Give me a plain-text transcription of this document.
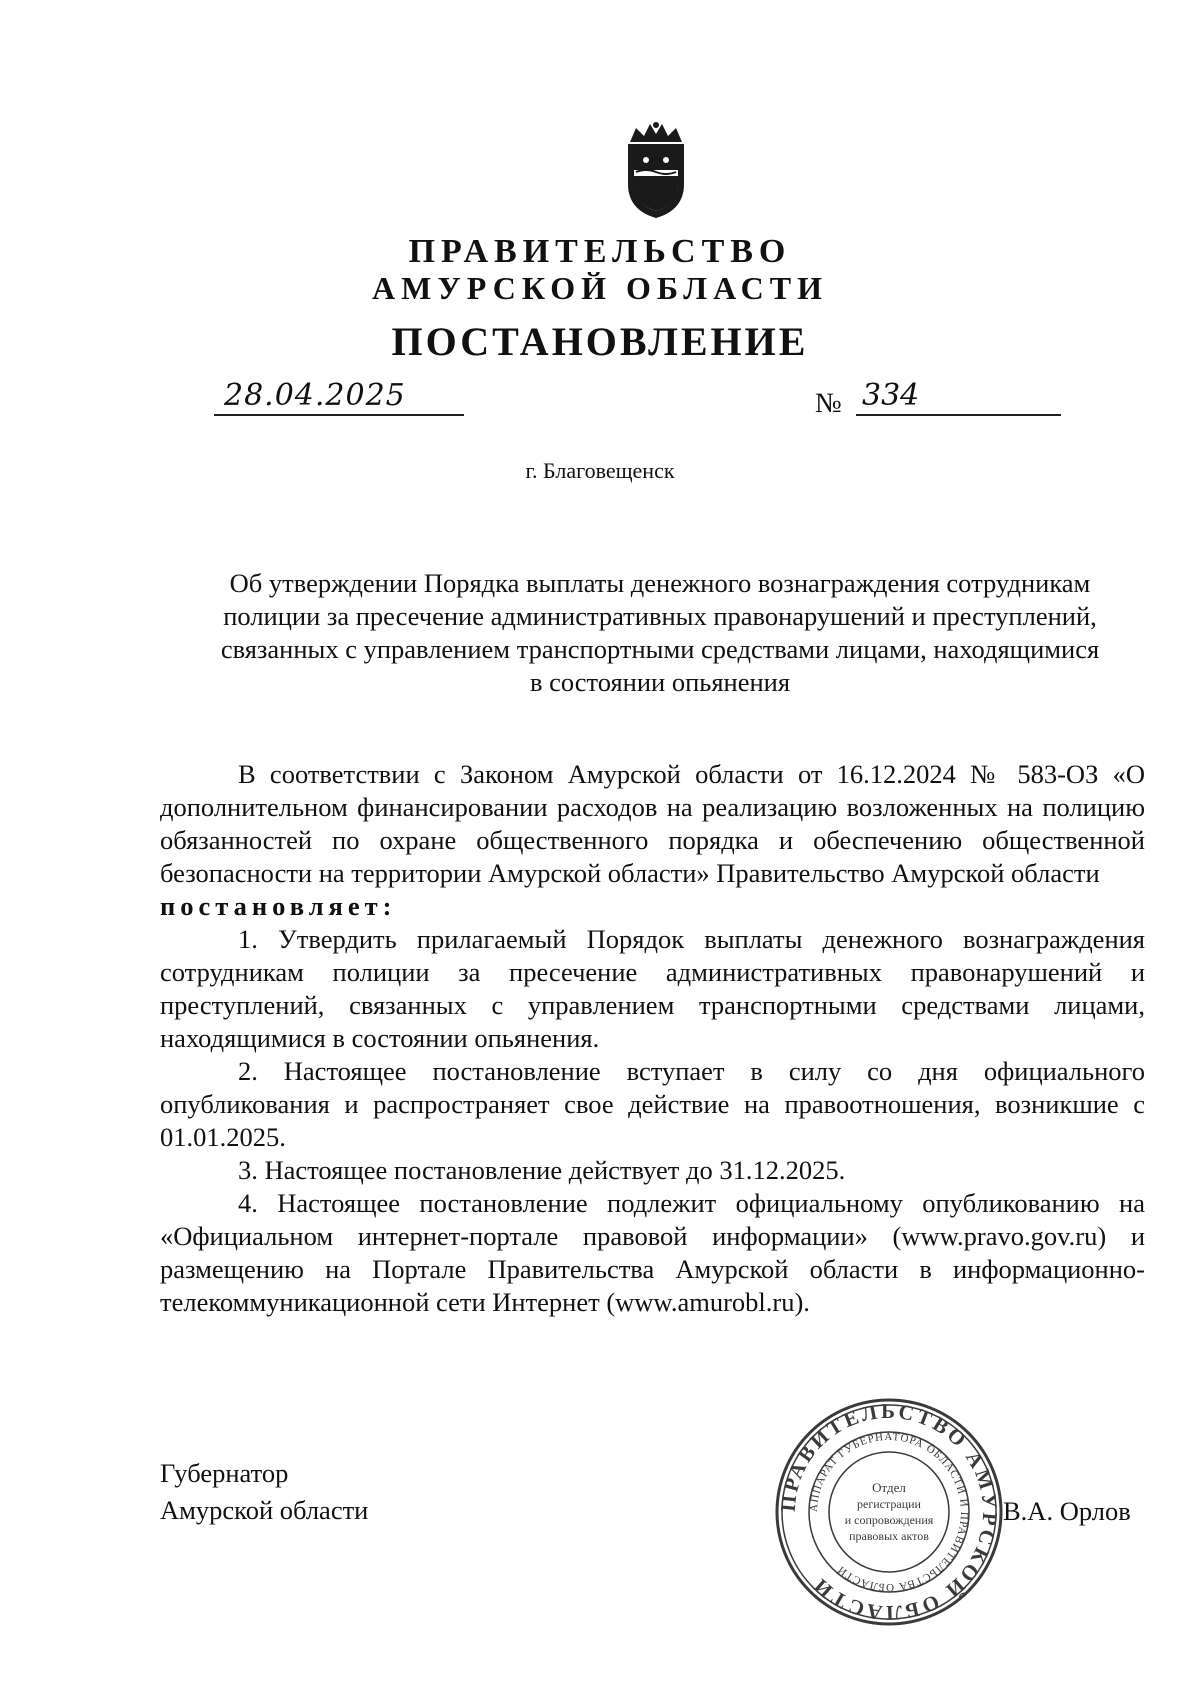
ПРАВИТЕЛЬСТВО
АМУРСКОЙ ОБЛАСТИ
ПОСТАНОВЛЕНИЕ
28.04.2025	№ 334
г. Благовещенск
Об утверждении Порядка выплаты денежного вознаграждения сотрудникам
полиции за пресечение административных правонарушений и преступлений,
связанных с управлением транспортными средствами лицами, находящимися
в состоянии опьянения

В соответствии с Законом Амурской области от 16.12.2024 № 583-ОЗ «О дополнительном финансировании расходов на реализацию возложенных на полицию обязанностей по охране общественного порядка и обеспечению общественной безопасности на территории Амурской области» Правительство Амурской области

постановляет:

1. Утвердить прилагаемый Порядок выплаты денежного вознаграждения сотрудникам полиции за пресечение административных правонарушений и преступлений, связанных с управлением транспортными средствами лицами, находящимися в состоянии опьянения.

2. Настоящее постановление вступает в силу со дня официального опубликования и распространяет свое действие на правоотношения, возникшие с 01.01.2025.

3. Настоящее постановление действует до 31.12.2025.

4. Настоящее постановление подлежит официальному опубликованию на «Официальном интернет-портале правовой информации» (www.pravo.gov.ru) и размещению на Портале Правительства Амурской области в информационно-телекоммуникационной сети Интернет (www.amurobl.ru).

Губернатор
Амурской области	В.А. Орлов
ПРАВИТЕЛЬСТВО АМУРСКОЙ ОБЛАСТИ
АППАРАТ ГУБЕРНАТОРА ОБЛАСТИ И ПРАВИТЕЛЬСТВА ОБЛАСТИ
Отдел
регистрации
и сопровождения
правовых актов
